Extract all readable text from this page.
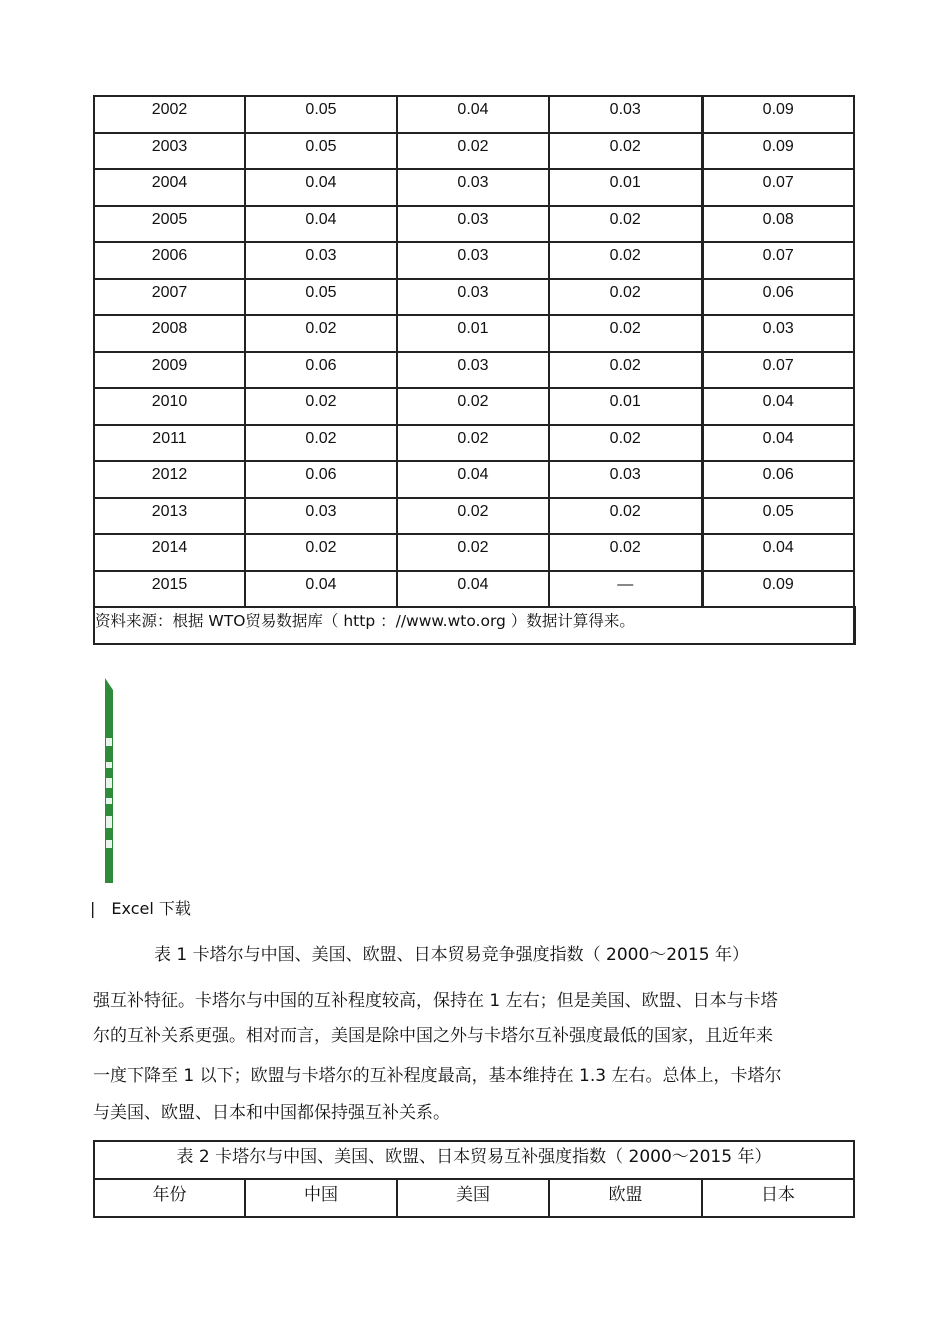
2002	0.05	0.04	0.03	0.09
2003	0.05	0.02	0.02	0.09
2004	0.04	0.03	0.01	0.07
2005	0.04	0.03	0.02	0.08
2006	0.03	0.03	0.02	0.07
2007	0.05	0.03	0.02	0.06
2008	0.02	0.01	0.02	0.03
2009	0.06	0.03	0.02	0.07
2010	0.02	0.02	0.01	0.04
2011	0.02	0.02	0.02	0.04
2012	0.06	0.04	0.03	0.06
2013	0.03	0.02	0.02	0.05
2014	0.02	0.02	0.02	0.04
2015	0.04	0.04	—	0.09
资料来源：根据 WTO贸易数据库（ http ：//www.wto.org ）数据计算得来。				
| Excel 下载
表 1 卡塔尔与中国、美国、欧盟、日本贸易竞争强度指数（ 2000～2015 年）
强互补特征。卡塔尔与中国的互补程度较高，保持在 1 左右；但是美国、欧盟、日本与卡塔
尔的互补关系更强。相对而言，美国是除中国之外与卡塔尔互补强度最低的国家，且近年来
一度下降至 1 以下；欧盟与卡塔尔的互补程度最高，基本维持在 1.3 左右。总体上，卡塔尔
与美国、欧盟、日本和中国都保持强互补关系。
表 2 卡塔尔与中国、美国、欧盟、日本贸易互补强度指数（ 2000～2015 年）
年份	中国	美国	欧盟	日本
